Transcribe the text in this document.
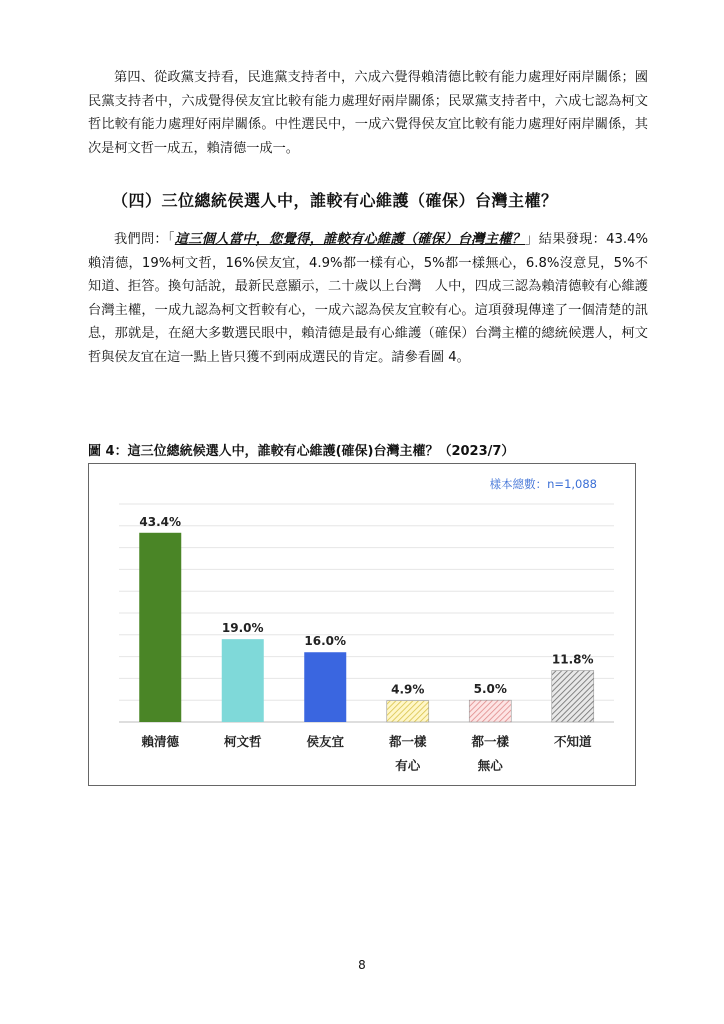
第四、從政黨支持看，民進黨支持者中，六成六覺得賴清德比較有能力處理好兩岸關係；國民黨支持者中，六成覺得侯友宜比較有能力處理好兩岸關係；民眾黨支持者中，六成七認為柯文哲比較有能力處理好兩岸關係。中性選民中，一成六覺得侯友宜比較有能力處理好兩岸關係，其次是柯文哲一成五，賴清德一成一。

（四）三位總統侯選人中，誰較有心維護（確保）台灣主權？

我們問：「這三個人當中，您覺得，誰較有心維護（確保）台灣主權？」結果發現：43.4%賴清德，19%柯文哲，16%侯友宜，4.9%都一樣有心，5%都一樣無心，6.8%沒意見，5%不知道、拒答。換句話說，最新民意顯示，二十歲以上台灣　人中，四成三認為賴清德較有心維護台灣主權，一成九認為柯文哲較有心，一成六認為侯友宜較有心。這項發現傳達了一個清楚的訊息，那就是，在絕大多數選民眼中，賴清德是最有心維護（確保）台灣主權的總統候選人，柯文哲與侯友宜在這一點上皆只獲不到兩成選民的肯定。請參看圖 4。

圖 4：這三位總統候選人中，誰較有心維護(確保)台灣主權？（2023/7）

樣本總數：n=1,088
43.4%
賴清德
19.0%
柯文哲
16.0%
侯友宜
4.9%
都一樣
有心
5.0%
都一樣
無心
11.8%
不知道
8
